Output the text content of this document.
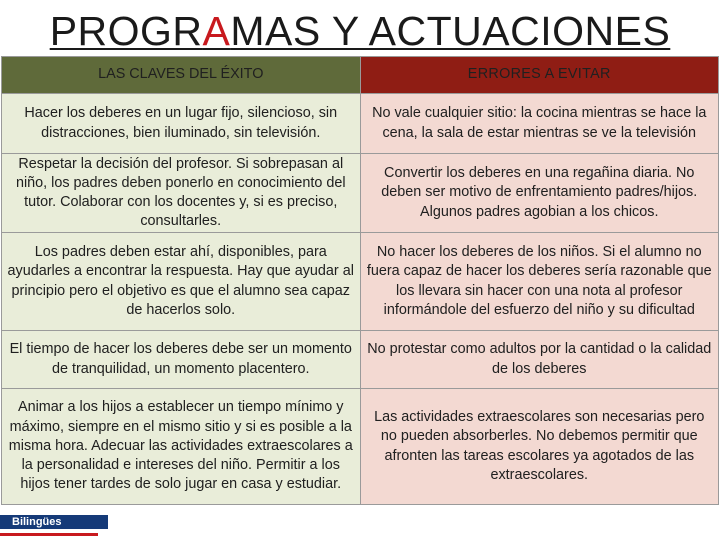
PROGRAMAS Y ACTUACIONES
LAS CLAVES DEL ÉXITO	ERRORES A EVITAR
Hacer los deberes en un lugar fijo, silencioso, sin distracciones, bien iluminado, sin televisión.	No vale cualquier sitio: la cocina mientras se hace la cena, la sala de estar mientras se ve la televisión
Respetar la decisión del profesor. Si sobrepasan al niño, los padres deben ponerlo en conocimiento del tutor. Colaborar con los docentes y, si es preciso, consultarles.	Convertir los deberes en una regañina diaria. No deben ser motivo de enfrentamiento padres/hijos. Algunos padres agobian a los chicos.
Los padres deben estar ahí, disponibles, para ayudarles a encontrar la respuesta. Hay que ayudar al principio pero el objetivo es que el alumno sea capaz de hacerlos solo.	No hacer los deberes de los niños. Si el alumno no fuera capaz de hacer los deberes sería razonable que los llevara sin hacer con una nota al profesor informándole del esfuerzo del niño y su dificultad
El tiempo de hacer los deberes debe ser un momento de tranquilidad, un momento placentero.	No protestar como adultos por la cantidad o la calidad de los deberes
Animar a los hijos a establecer un tiempo mínimo y máximo, siempre en el mismo sitio y si es posible a la misma hora. Adecuar las actividades extraescolares a la personalidad e intereses del niño. Permitir a los hijos tener tardes de solo jugar en casa y estudiar.	Las actividades extraescolares son necesarias pero no pueden absorberles. No debemos permitir que afronten las tareas escolares ya agotados de las extraescolares.
Bilingües
